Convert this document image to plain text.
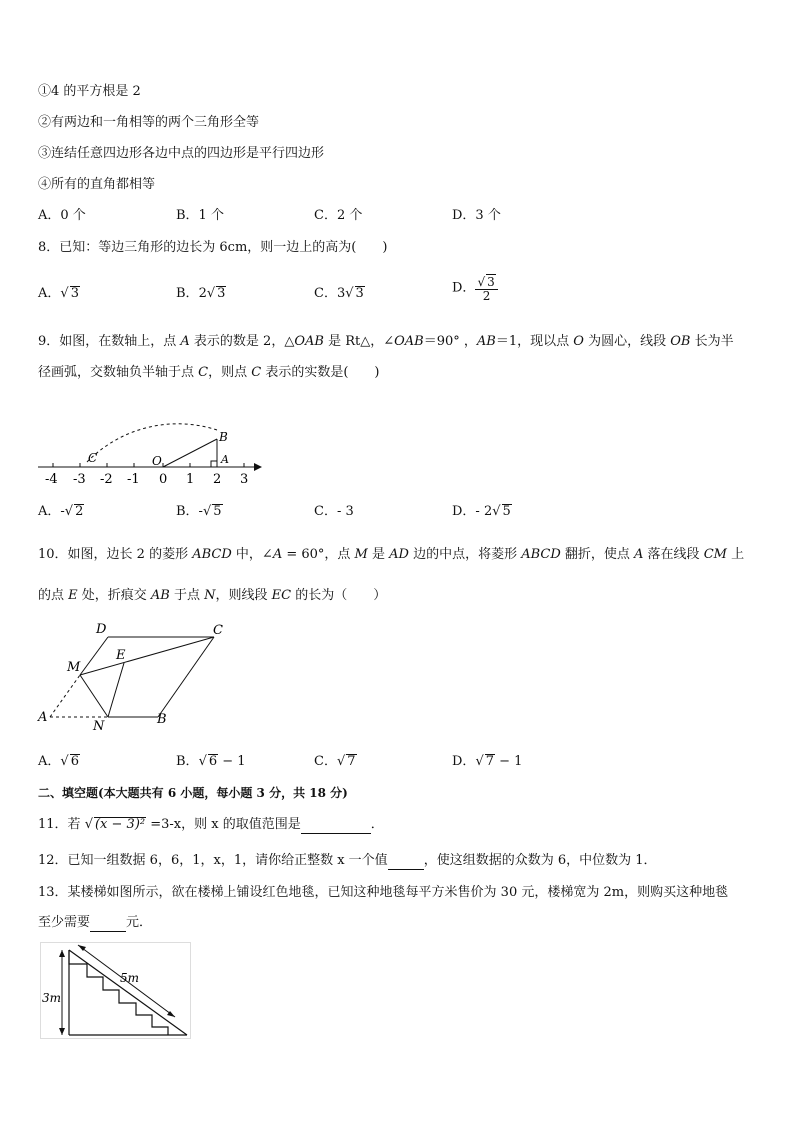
①4 的平方根是 2
②有两边和一角相等的两个三角形全等
③连结任意四边形各边中点的四边形是平行四边形
④所有的直角都相等
A．0 个	B．1 个	C．2 个	D．3 个
8．已知：等边三角形的边长为 6cm，则一边上的高为(　　)
A．√ 3	B．2√ 3	C．3√ 3	D． $\frac{√ 3}{2}$
9．如图，在数轴上，点 A 表示的数是 2，△OAB 是 Rt△，∠OAB＝90° ，AB＝1，现以点 O 为圆心，线段 OB 长为半
径画弧，交数轴负半轴于点 C，则点 C 表示的实数是(　　)
-4 -3 -2 -1 0 1 2 3
C	O	A
B
A．-√ 2	B．-√ 5	C．- 3	D．- 2√ 5
10．如图，边长 2 的菱形 ABCD 中，∠A = 60°，点 M 是 AD 边的中点，将菱形 ABCD 翻折，使点 A 落在线段 CM 上
的点 E 处，折痕交 AB 于点 N，则线段 EC 的长为（　　）
D	C
M
E
A
N	B
A．√ 6	B．√ 6 − 1	C．√ 7	D．√ 7 − 1
二、填空题(本大题共有 6 小题，每小题 3 分，共 18 分)
11．若 √ (x − 3)² =3-x，则 x 的取值范围是	．
12．已知一组数据 6，6，1，x，1，请你给正整数 x 一个值	，使这组数据的众数为 6，中位数为 1．
13．某楼梯如图所示，欲在楼梯上铺设红色地毯，已知这种地毯每平方米售价为 30 元，楼梯宽为 2m，则购买这种地毯
至少需要	元．
3m
5m
